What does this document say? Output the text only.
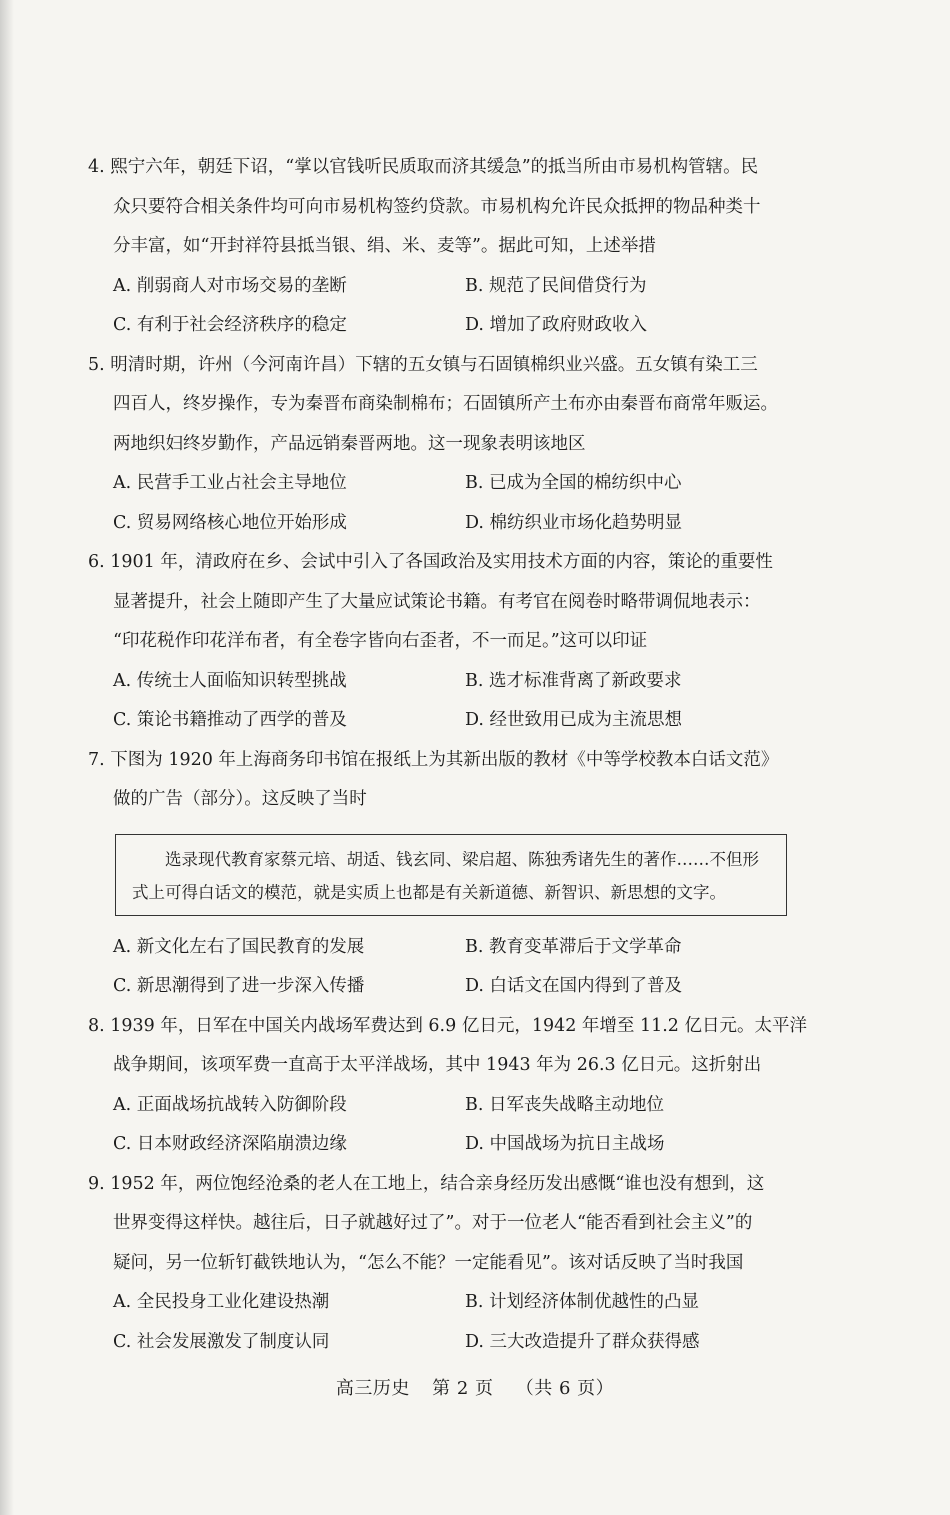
4. 熙宁六年，朝廷下诏，“掌以官钱听民质取而济其缓急”的抵当所由市易机构管辖。民
众只要符合相关条件均可向市易机构签约贷款。市易机构允许民众抵押的物品种类十
分丰富，如“开封祥符县抵当银、绢、米、麦等”。据此可知，上述举措
A. 削弱商人对市场交易的垄断	B. 规范了民间借贷行为
C. 有利于社会经济秩序的稳定	D. 增加了政府财政收入
5. 明清时期，许州（今河南许昌）下辖的五女镇与石固镇棉织业兴盛。五女镇有染工三
四百人，终岁操作，专为秦晋布商染制棉布；石固镇所产土布亦由秦晋布商常年贩运。
两地织妇终岁勤作，产品远销秦晋两地。这一现象表明该地区
A. 民营手工业占社会主导地位	B. 已成为全国的棉纺织中心
C. 贸易网络核心地位开始形成	D. 棉纺织业市场化趋势明显
6. 1901 年，清政府在乡、会试中引入了各国政治及实用技术方面的内容，策论的重要性
显著提升，社会上随即产生了大量应试策论书籍。有考官在阅卷时略带调侃地表示：
“印花税作印花洋布者，有全卷字皆向右歪者，不一而足。”这可以印证
A. 传统士人面临知识转型挑战	B. 选才标准背离了新政要求
C. 策论书籍推动了西学的普及	D. 经世致用已成为主流思想
7. 下图为 1920 年上海商务印书馆在报纸上为其新出版的教材《中等学校教本白话文范》
做的广告（部分）。这反映了当时
选录现代教育家蔡元培、胡适、钱玄同、梁启超、陈独秀诸先生的著作……不但形
式上可得白话文的模范，就是实质上也都是有关新道德、新智识、新思想的文字。
A. 新文化左右了国民教育的发展	B. 教育变革滞后于文学革命
C. 新思潮得到了进一步深入传播	D. 白话文在国内得到了普及
8. 1939 年，日军在中国关内战场军费达到 6.9 亿日元，1942 年增至 11.2 亿日元。太平洋
战争期间，该项军费一直高于太平洋战场，其中 1943 年为 26.3 亿日元。这折射出
A. 正面战场抗战转入防御阶段	B. 日军丧失战略主动地位
C. 日本财政经济深陷崩溃边缘	D. 中国战场为抗日主战场
9. 1952 年，两位饱经沧桑的老人在工地上，结合亲身经历发出感慨“谁也没有想到，这
世界变得这样快。越往后，日子就越好过了”。对于一位老人“能否看到社会主义”的
疑问，另一位斩钉截铁地认为，“怎么不能？一定能看见”。该对话反映了当时我国
A. 全民投身工业化建设热潮	B. 计划经济体制优越性的凸显
C. 社会发展激发了制度认同	D. 三大改造提升了群众获得感
高三历史 第 2 页 （共 6 页）
